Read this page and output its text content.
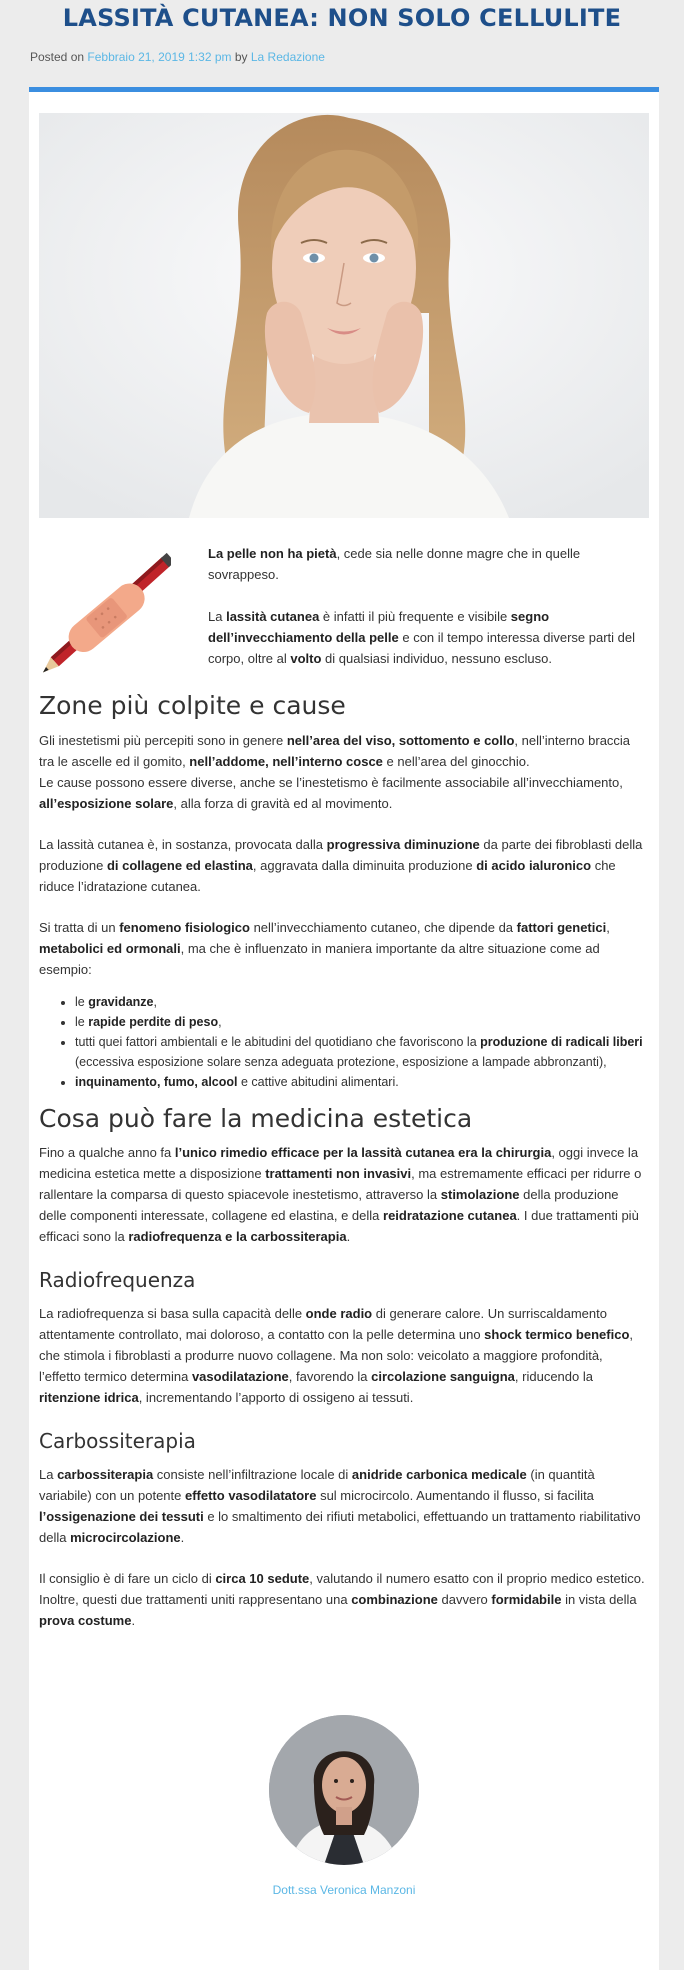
LASSITÀ CUTANEA: NON SOLO CELLULITE
Posted on Febbraio 21, 2019 1:32 pm by La Redazione

La pelle non ha pietà, cede sia nelle donne magre che in quelle sovrappeso.

La lassità cutanea è infatti il più frequente e visibile segno dell’invecchiamento della pelle e con il tempo interessa diverse parti del corpo, oltre al volto di qualsiasi individuo, nessuno escluso.

Zone più colpite e cause

Gli inestetismi più percepiti sono in genere nell’area del viso, sottomento e collo, nell’interno braccia tra le ascelle ed il gomito, nell’addome, nell’interno cosce e nell’area del ginocchio.

Le cause possono essere diverse, anche se l’inestetismo è facilmente associabile all’invecchiamento, all’esposizione solare, alla forza di gravità ed al movimento.

La lassità cutanea è, in sostanza, provocata dalla progressiva diminuzione da parte dei fibroblasti della produzione di collagene ed elastina, aggravata dalla diminuita produzione di acido ialuronico che riduce l’idratazione cutanea.

Si tratta di un fenomeno fisiologico nell’invecchiamento cutaneo, che dipende da fattori genetici, metabolici ed ormonali, ma che è influenzato in maniera importante da altre situazione come ad esempio:

• le gravidanze,
• le rapide perdite di peso,
• tutti quei fattori ambientali e le abitudini del quotidiano che favoriscono la produzione di radicali liberi (eccessiva esposizione solare senza adeguata protezione, esposizione a lampade abbronzanti),
• inquinamento, fumo, alcool e cattive abitudini alimentari.
Cosa può fare la medicina estetica

Fino a qualche anno fa l’unico rimedio efficace per la lassità cutanea era la chirurgia, oggi invece la medicina estetica mette a disposizione trattamenti non invasivi, ma estremamente efficaci per ridurre o rallentare la comparsa di questo spiacevole inestetismo, attraverso la stimolazione della produzione delle componenti interessate, collagene ed elastina, e della reidratazione cutanea. I due trattamenti più efficaci sono la radiofrequenza e la carbossiterapia.

Radiofrequenza

La radiofrequenza si basa sulla capacità delle onde radio di generare calore. Un surriscaldamento attentamente controllato, mai doloroso, a contatto con la pelle determina uno shock termico benefico, che stimola i fibroblasti a produrre nuovo collagene. Ma non solo: veicolato a maggiore profondità, l’effetto termico determina vasodilatazione, favorendo la circolazione sanguigna, riducendo la ritenzione idrica, incrementando l’apporto di ossigeno ai tessuti.

Carbossiterapia

La carbossiterapia consiste nell’infiltrazione locale di anidride carbonica medicale (in quantità variabile) con un potente effetto vasodilatatore sul microcircolo. Aumentando il flusso, si facilita l’ossigenazione dei tessuti e lo smaltimento dei rifiuti metabolici, effettuando un trattamento riabilitativo della microcircolazione.

Il consiglio è di fare un ciclo di circa 10 sedute, valutando il numero esatto con il proprio medico estetico. Inoltre, questi due trattamenti uniti rappresentano una combinazione davvero formidabile in vista della prova costume.

Dott.ssa Veronica Manzoni
